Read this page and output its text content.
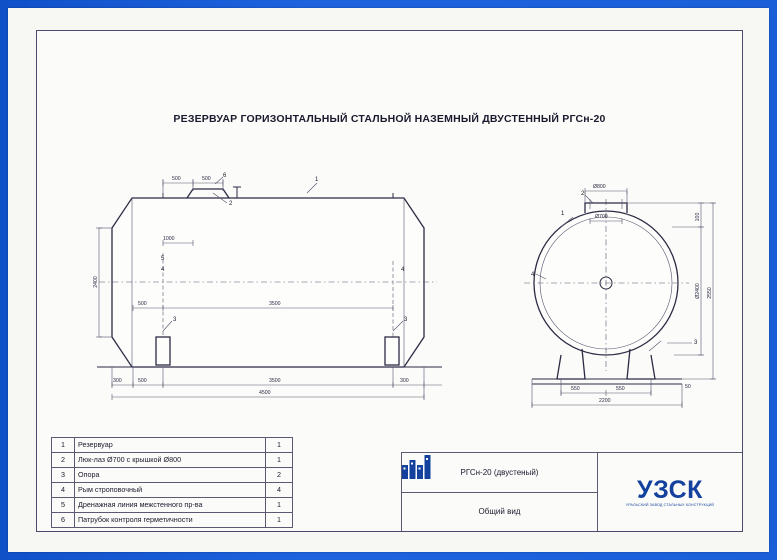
РЕЗЕРВУАР ГОРИЗОНТАЛЬНЫЙ СТАЛЬНОЙ НАЗЕМНЫЙ ДВУСТЕННЫЙ РГСн-20
500	500
1000
500	3500
2400
300	500	3500	300
4500
1
2
6
3	3
4	4
5
Ø800
Ø700	100
Ø2400 2550
550	550	50
2200
1
2
3
4
1	Резервуар	1
2	Люк-лаз Ø700 с крышкой Ø800	1
3	Опора	2
4	Рым строповочный	4
5	Дренажная линия межстенного пр-ва	1
6	Патрубок контроля герметичности	1
РГСн-20 (двустеный)
Общий вид
УЗСК
УРАЛЬСКИЙ ЗАВОД СТАЛЬНЫХ КОНСТРУКЦИЙ
